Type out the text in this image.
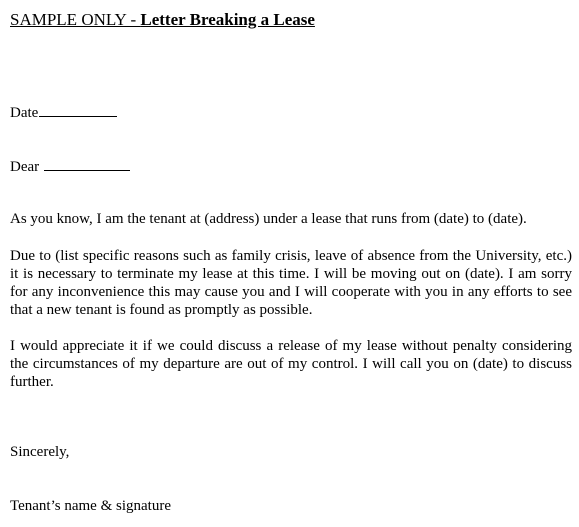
SAMPLE ONLY - Letter Breaking a Lease
Date
Dear
As you know, I am the tenant at (address) under a lease that runs from (date) to (date).
Due to (list specific reasons such as family crisis, leave of absence from the University, etc.) it is necessary to terminate my lease at this time. I will be moving out on (date). I am sorry for any inconvenience this may cause you and I will cooperate with you in any efforts to see that a new tenant is found as promptly as possible.
I would appreciate it if we could discuss a release of my lease without penalty considering the circumstances of my departure are out of my control. I will call you on (date) to discuss further.
Sincerely,
Tenant’s name & signature
